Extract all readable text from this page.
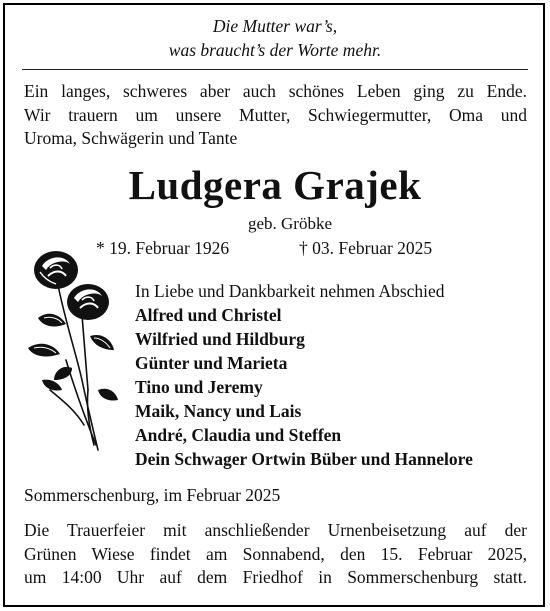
Die Mutter war’s,
was braucht’s der Worte mehr.
Ein langes, schweres aber auch schönes Leben ging zu Ende.
Wir trauern um unsere Mutter, Schwiegermutter, Oma und
Uroma, Schwägerin und Tante
Ludgera Grajek
geb. Gröbke
* 19. Februar 1926	† 03. Februar 2025
In Liebe und Dankbarkeit nehmen Abschied
Alfred und Christel
Wilfried und Hildburg
Günter und Marieta
Tino und Jeremy
Maik, Nancy und Lais
André, Claudia und Steffen
Dein Schwager Ortwin Büber und Hannelore
Sommerschenburg, im Februar 2025
Die Trauerfeier mit anschließender Urnenbeisetzung auf der
Grünen Wiese findet am Sonnabend, den 15. Februar 2025,
um 14:00 Uhr auf dem Friedhof in Sommerschenburg statt.
